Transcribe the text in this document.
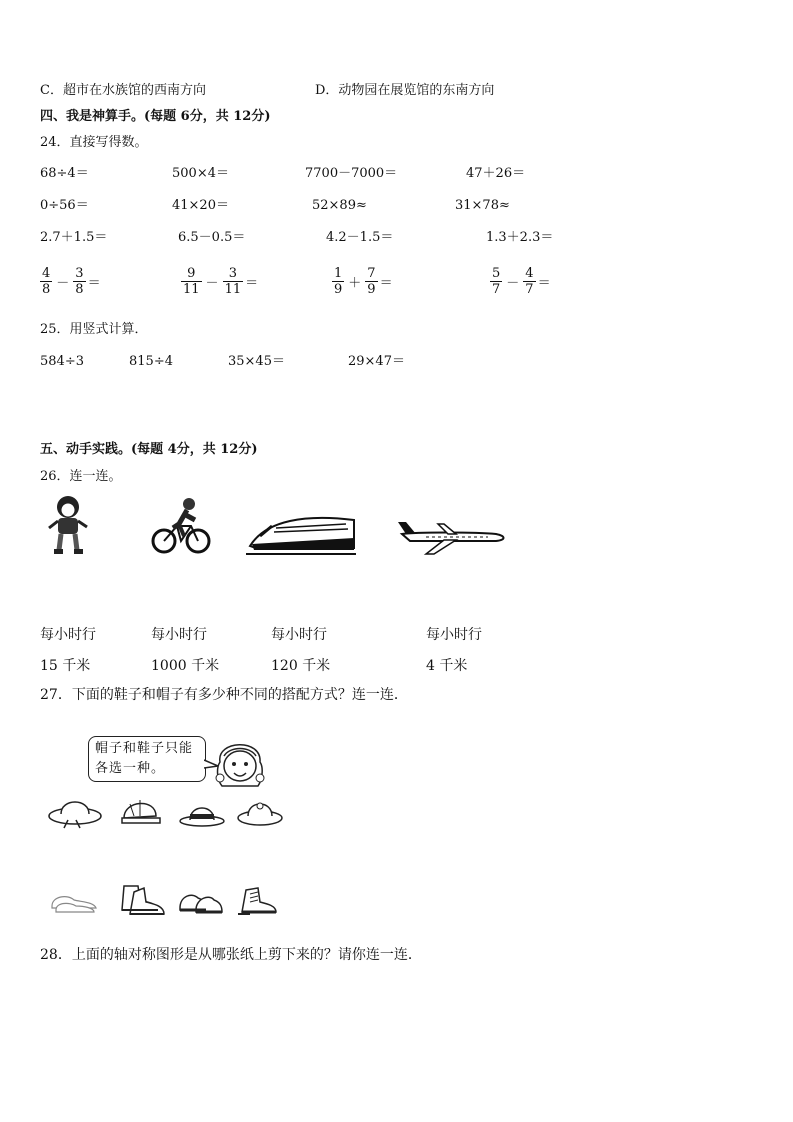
C．超市在水族馆的西南方向	D．动物园在展览馆的东南方向
四、我是神算手。(每题 6分，共 12分)
24．直接写得数。
68÷4＝	500×4＝	7700－7000＝	47＋26＝
0÷56＝	41×20＝	52×89≈	31×78≈
2.7＋1.5＝	6.5－0.5＝	4.2－1.5＝	1.3＋2.3＝
$\frac{4}{8} - \frac{3}{8}$ ＝	$\frac{9}{11} - \frac{3}{11}$ ＝	$\frac{1}{9} + \frac{7}{9}$ ＝	$\frac{5}{7} - \frac{4}{7}$ ＝
25．用竖式计算．
584÷3	815÷4	35×45＝	29×47＝
五、动手实践。(每题 4分，共 12分)
26．连一连。
每小时行	每小时行	每小时行	每小时行
15 千米	1000 千米	120 千米	4 千米
27．下面的鞋子和帽子有多少种不同的搭配方式？连一连．
帽子和鞋子只能
各选一种。
28．上面的轴对称图形是从哪张纸上剪下来的？请你连一连．
